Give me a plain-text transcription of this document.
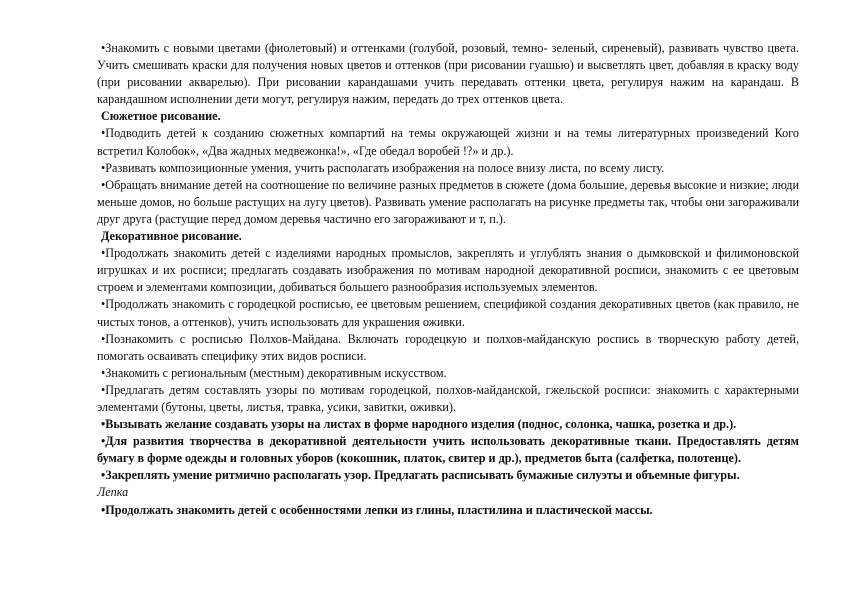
•Знакомить с новыми цветами (фиолетовый) и оттенками (голубой, розовый, темно- зеленый, сиреневый), развивать чувство цвета. Учить смешивать краски для получения новых цветов и оттенков (при рисовании гуашью) и высветлять цвет, добавляя в краску воду (при рисовании акварелью). При рисовании карандашами учить передавать оттенки цвета, регулируя нажим на карандаш. В карандашном исполнении дети могут, регулируя нажим, передать до трех оттенков цвета.

Сюжетное рисование.

•Подводить детей к созданию сюжетных компартий на темы окружающей жизни и на темы литературных произведений Кого встретил Колобок», «Два жадных медвежонка!», «Где обедал воробей !?» и др.).

•Развивать композиционные умения, учить располагать изображения на полосе внизу листа, по всему листу.

•Обращать внимание детей на соотношение по величине разных предметов в сюжете (дома большие, деревья высокие и низкие; люди меньше домов, но больше растущих на лугу цветов). Развивать умение располагать на рисунке предметы так, чтобы они загораживали друг друга (растущие перед домом деревья частично его загораживают и т, п.).

Декоративное рисование.

•Продолжать знакомить детей с изделиями народных промыслов, закреплять и углублять знания о дымковской и филимоновской игрушках и их росписи; предлагать создавать изображения по мотивам народной декоративной росписи, знакомить с ее цветовым строем и элементами композиции, добиваться большего разнообразия используемых элементов.

•Продолжать знакомить с городецкой росписью, ее цветовым решением, спецификой создания декоративных цветов (как правило, не чистых тонов, а оттенков), учить использовать для украшения оживки.

•Познакомить с росписью Полхов-Майдана. Включать городецкую и полхов-майданскую роспись в творческую работу детей, помогать осваивать специфику этих видов росписи.

•Знакомить с региональным (местным) декоративным искусством.

•Предлагать детям составлять узоры по мотивам городецкой, полхов-майданской, гжельской росписи: знакомить с характерными элементами (бутоны, цветы, листья, травка, усики, завитки, оживки).

•Вызывать желание создавать узоры на листах в форме народного изделия (поднос, солонка, чашка, розетка и др.).

•Для развития творчества в декоративной деятельности учить использовать декоративные ткани. Предоставлять детям бумагу в форме одежды и головных уборов (кокошник, платок, свитер и др.), предметов быта (салфетка, полотенце).

•Закреплять умение ритмично располагать узор. Предлагать расписывать бумажные силуэты и объемные фигуры.

Лепка

•Продолжать знакомить детей с особенностями лепки из глины, пластилина и пластической массы.
